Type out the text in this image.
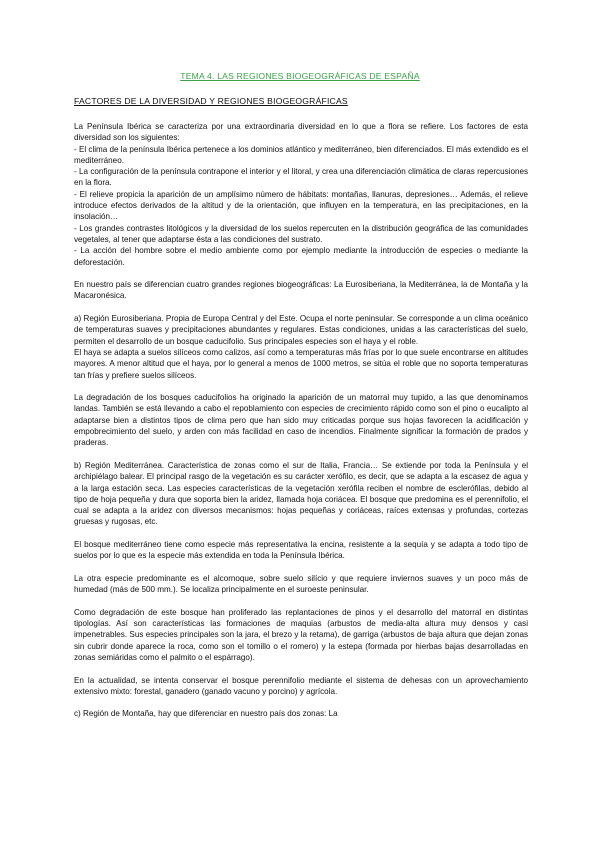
TEMA 4. LAS REGIONES BIOGEOGRÁFICAS DE ESPAÑA
FACTORES DE LA DIVERSIDAD Y REGIONES BIOGEOGRÁFICAS

La Península Ibérica se caracteriza por una extraordinaria diversidad en lo que a flora se refiere. Los factores de esta diversidad son los siguientes:
- El clima de la península Ibérica pertenece a los dominios atlántico y mediterráneo, bien diferenciados. El más extendido es el mediterráneo.
- La configuración de la península contrapone el interior y el litoral, y crea una diferenciación climática de claras repercusiones en la flora.
- El relieve propicia la aparición de un amplísimo número de hábitats: montañas, llanuras, depresiones… Además, el relieve introduce efectos derivados de la altitud y de la orientación, que influyen en la temperatura, en las precipitaciones, en la insolación…
- Los grandes contrastes litológicos y la diversidad de los suelos repercuten en la distribución geográfica de las comunidades vegetales, al tener que adaptarse ésta a las condiciones del sustrato.
- La acción del hombre sobre el medio ambiente como por ejemplo mediante la introducción de especies o mediante la deforestación.

En nuestro país se diferencian cuatro grandes regiones biogeográficas: La Eurosiberiana, la Mediterránea, la de Montaña y la Macaronésica.

a) Región Eurosiberiana. Propia de Europa Central y del Este. Ocupa el norte peninsular. Se corresponde a un clima oceánico de temperaturas suaves y precipitaciones abundantes y regulares. Estas condiciones, unidas a las características del suelo, permiten el desarrollo de un bosque caducifolio. Sus principales especies son el haya y el roble.
El haya se adapta a suelos silíceos como calizos, así como a temperaturas más frías por lo que suele encontrarse en altitudes mayores. A menor altitud que el haya, por lo general a menos de 1000 metros, se sitúa el roble que no soporta temperaturas tan frías y prefiere suelos silíceos.

La degradación de los bosques caducifolios ha originado la aparición de un matorral muy tupido, a las que denominamos landas. También se está llevando a cabo el repoblamiento con especies de crecimiento rápido como son el pino o eucalipto al adaptarse bien a distintos tipos de clima pero que han sido muy criticadas porque sus hojas favorecen la acidificación y empobrecimiento del suelo, y arden con más facilidad en caso de incendios. Finalmente significar la formación de prados y praderas.

b) Región Mediterránea. Característica de zonas como el sur de Italia, Francia… Se extiende por toda la Península y el archipiélago balear. El principal rasgo de la vegetación es su carácter xerófilo, es decir, que se adapta a la escasez de agua y a la larga estación seca. Las especies características de la vegetación xerófila reciben el nombre de esclerófilas, debido al tipo de hoja pequeña y dura que soporta bien la aridez, llamada hoja coriácea. El bosque que predomina es el perennifolio, el cual se adapta a la aridez con diversos mecanismos: hojas pequeñas y coriáceas, raíces extensas y profundas, cortezas gruesas y rugosas, etc.

El bosque mediterráneo tiene como especie más representativa la encina, resistente a la sequía y se adapta a todo tipo de suelos por lo que es la especie más extendida en toda la Península Ibérica.

La otra especie predominante es el alcornoque, sobre suelo silício y que requiere inviernos suaves y un poco más de humedad (más de 500 mm.). Se localiza principalmente en el suroeste peninsular.

Como degradación de este bosque han proliferado las replantaciones de pinos y el desarrollo del matorral en distintas tipologías. Así son características las formaciones de maquias (arbustos de media-alta altura muy densos y casi impenetrables. Sus especies principales son la jara, el brezo y la retama), de garriga (arbustos de baja altura que dejan zonas sin cubrir donde aparece la roca, como son el tomillo o el romero) y la estepa (formada por hierbas bajas desarrolladas en zonas semiáridas como el palmito o el espárrago).

En la actualidad, se intenta conservar el bosque perennifolio mediante el sistema de dehesas con un aprovechamiento extensivo mixto: forestal, ganadero (ganado vacuno y porcino) y agrícola.

c) Región de Montaña, hay que diferenciar en nuestro país dos zonas: La
